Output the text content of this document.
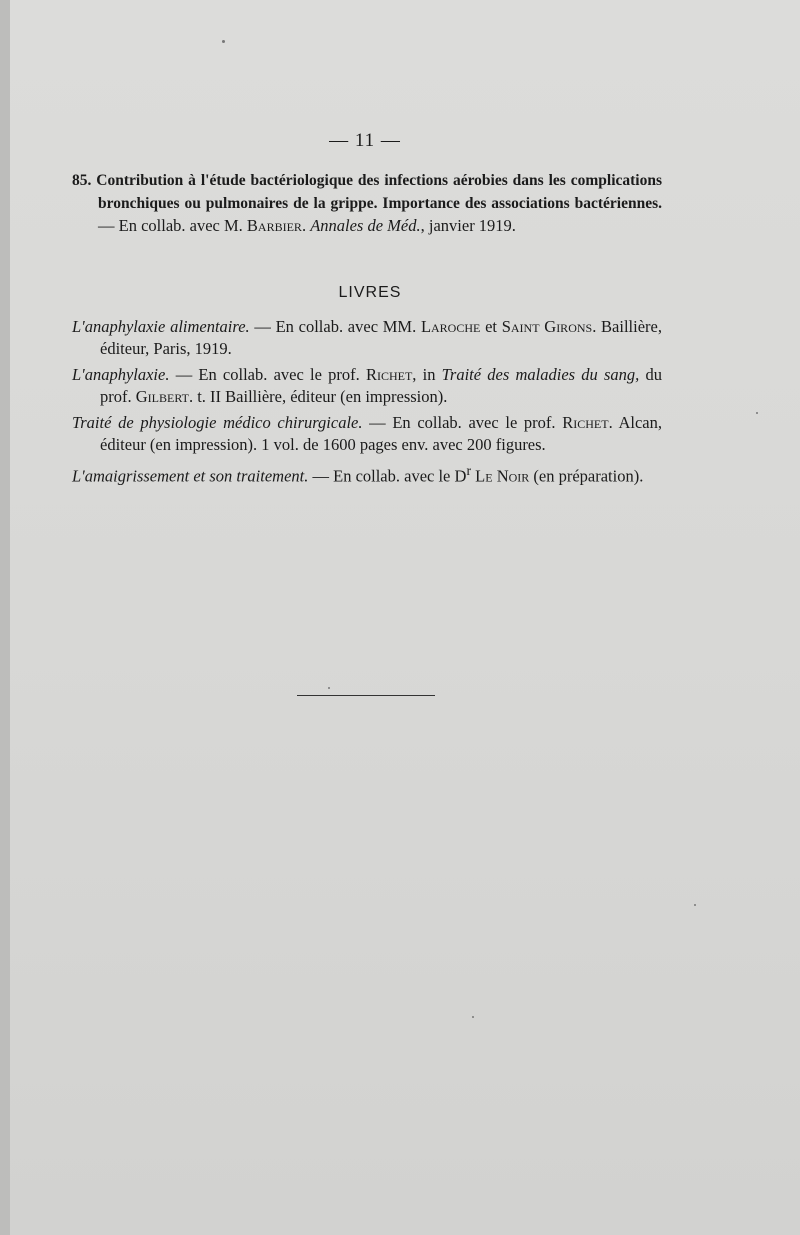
— 11 —
85. Contribution à l'étude bactériologique des infections aérobies dans les complications bronchiques ou pulmonaires de la grippe. Importance des associations bactériennes. — En collab. avec M. Barbier. Annales de Méd., janvier 1919.
LIVRES

L'anaphylaxie alimentaire. — En collab. avec MM. Laroche et Saint Girons. Baillière, éditeur, Paris, 1919.

L'anaphylaxie. — En collab. avec le prof. Richet, in Traité des maladies du sang, du prof. Gilbert. t. II Baillière, éditeur (en impression).

Traité de physiologie médico chirurgicale. — En collab. avec le prof. Richet. Alcan, éditeur (en impression). 1 vol. de 1600 pages env. avec 200 figures.

L'amaigrissement et son traitement. — En collab. avec le $D^r$ Le Noir (en préparation).
